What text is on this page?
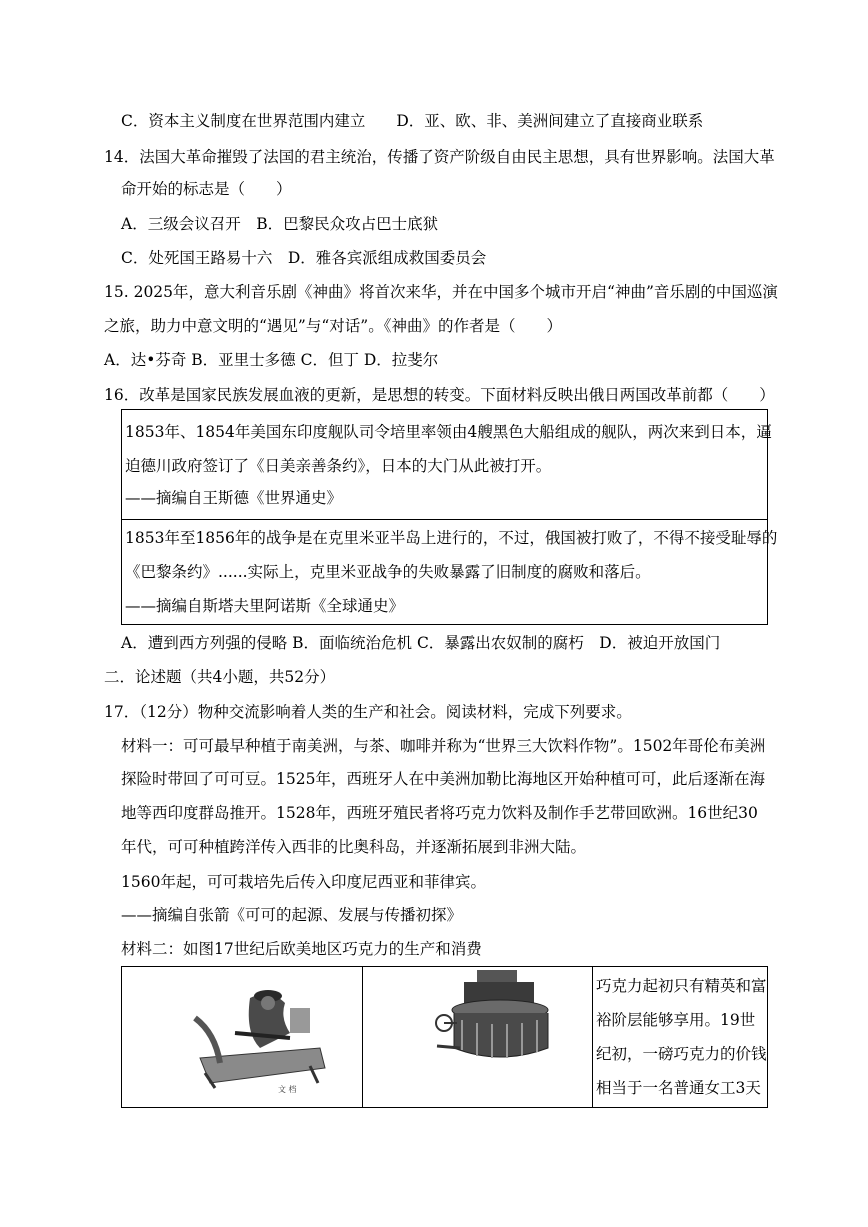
C．资本主义制度在世界范围内建立　　D．亚、欧、非、美洲间建立了直接商业联系
14．法国大革命摧毁了法国的君主统治，传播了资产阶级自由民主思想，具有世界影响。法国大革
命开始的标志是（　　）
A．三级会议召开　B．巴黎民众攻占巴士底狱
C．处死国王路易十六　D．雅各宾派组成救国委员会
15. 2025年，意大利音乐剧《神曲》将首次来华，并在中国多个城市开启“神曲”音乐剧的中国巡演
之旅，助力中意文明的“遇见”与“对话”。《神曲》的作者是（　　）
A．达•芬奇 B．亚里士多德 C．但丁 D．拉斐尔
16．改革是国家民族发展血液的更新，是思想的转变。下面材料反映出俄日两国改革前都（　　）
1853年、1854年美国东印度舰队司令培里率领由4艘黑色大船组成的舰队，两次来到日本，逼
迫德川政府签订了《日美亲善条约》，日本的大门从此被打开。
——摘编自王斯德《世界通史》
1853年至1856年的战争是在克里米亚半岛上进行的，不过，俄国被打败了，不得不接受耻辱的
《巴黎条约》......实际上，克里米亚战争的失败暴露了旧制度的腐败和落后。
——摘编自斯塔夫里阿诺斯《全球通史》
A．遭到西方列强的侵略 B．面临统治危机 C．暴露出农奴制的腐朽　D．被迫开放国门
二．论述题（共4小题，共52分）
17．（12分）物种交流影响着人类的生产和社会。阅读材料，完成下列要求。
材料一：可可最早种植于南美洲，与茶、咖啡并称为“世界三大饮料作物”。1502年哥伦布美洲
探险时带回了可可豆。1525年，西班牙人在中美洲加勒比海地区开始种植可可，此后逐渐在海
地等西印度群岛推开。1528年，西班牙殖民者将巧克力饮料及制作手艺带回欧洲。16世纪30
年代，可可种植跨洋传入西非的比奥科岛，并逐渐拓展到非洲大陆。
1560年起，可可栽培先后传入印度尼西亚和菲律宾。
——摘编自张箭《可可的起源、发展与传播初探》
材料二：如图17世纪后欧美地区巧克力的生产和消费
文 档
巧克力起初只有精英和富
裕阶层能够享用。19世
纪初，一磅巧克力的价钱
相当于一名普通女工3天
